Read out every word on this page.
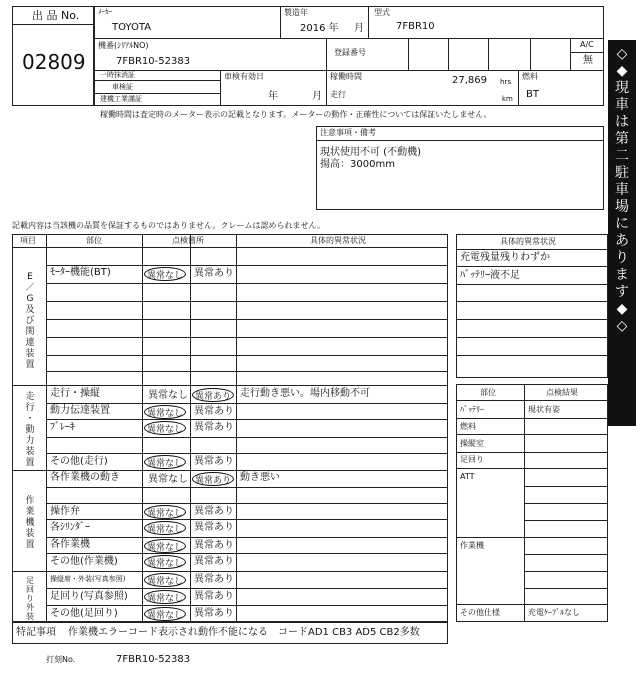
出 品 No.
02809
ﾒｰｶｰ
TOYOTA
製造年
2016 年 月
型式
7FBR10
機番(ｼﾘｱﾙNO)
7FBR10-52383
登録番号
A/C
無
一時抹消証
車検証
建機工業謹証
車検有効日
年	月
稼働時間	27,869 hrs
走行	km
燃料
BT
稼働時間は査定時のメーター表示の記載となります。メーターの動作・正確性については保証いたしません。
注意事項・備考
現状使用不可 (不動機)
揚高：3000mm
◇
◆
現
車
は
第
二
駐
車
場
に
あ
り
ま
す
◆
◇
記載内容は当該機の品質を保証するものではありません。クレームは認められません。
項目	部位	点検箇所	具体的異常状況
E
／
G
及
び
関
連
装
置
ﾓｰﾀｰ機能(BT)	異常なし	異常あり
走
行
・
動
力
装
置
走行・操縦	異常なし 異常あり 走行動き悪い。場内移動不可
動力伝達装置	異常なし	異常あり
ﾌﾞﾚｰｷ	異常なし	異常あり
その他(走行)	異常なし	異常あり
作
業
機
装
置
各作業機の動き	異常なし 異常あり 動き悪い
操作弁	異常なし	異常あり
各ｼﾘﾝﾀﾞｰ	異常なし	異常あり
各作業機	異常なし	異常あり
その他(作業機)	異常なし	異常あり
足
回
り
外
装
操縦席・外装(写真参照)	異常なし	異常あり
足回り(写真参照)	異常なし	異常あり
その他(足回り)	異常なし	異常あり
具体的異常状況
充電残量残りわずか
ﾊﾞｯﾃﾘｰ液不足
部位	点検結果
ﾊﾞｯﾃﾘｰ	現状有姿
燃料
操縦室
足回り
ATT
作業機
その他仕様	充電ｹｰﾌﾞﾙなし
特記事項 作業機エラーコード表示され動作不能になる　コードAD1 CB3 AD5 CB2多数
打刻No.	7FBR10-52383
